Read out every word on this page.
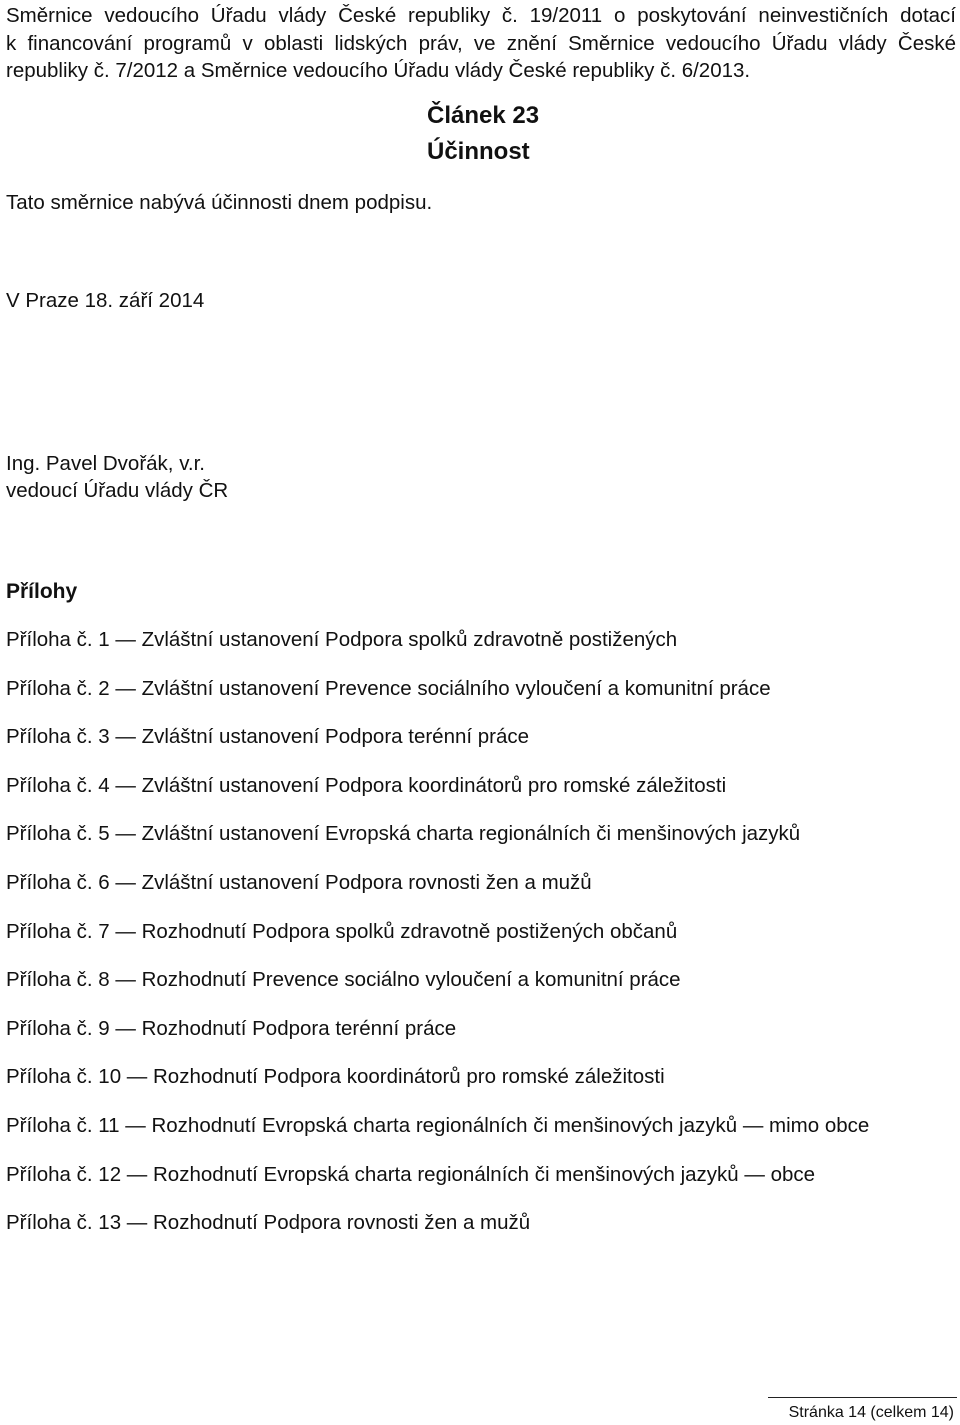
Směrnice vedoucího Úřadu vlády České republiky č. 19/2011 o poskytování neinvestičních dotací
k financování programů v oblasti lidských práv, ve znění Směrnice vedoucího Úřadu vlády České
republiky č. 7/2012 a Směrnice vedoucího Úřadu vlády České republiky č. 6/2013.

Článek 23
Účinnost

Tato směrnice nabývá účinnosti dnem podpisu.

V Praze 18. září 2014

Ing. Pavel Dvořák, v.r.
vedoucí Úřadu vlády ČR

Přílohy
Příloha č. 1 — Zvláštní ustanovení Podpora spolků zdravotně postižených
Příloha č. 2 — Zvláštní ustanovení Prevence sociálního vyloučení a komunitní práce
Příloha č. 3 — Zvláštní ustanovení Podpora terénní práce
Příloha č. 4 — Zvláštní ustanovení Podpora koordinátorů pro romské záležitosti
Příloha č. 5 — Zvláštní ustanovení Evropská charta regionálních či menšinových jazyků
Příloha č. 6 — Zvláštní ustanovení Podpora rovnosti žen a mužů
Příloha č. 7 — Rozhodnutí Podpora spolků zdravotně postižených občanů
Příloha č. 8 — Rozhodnutí Prevence sociálno vyloučení a komunitní práce
Příloha č. 9 — Rozhodnutí Podpora terénní práce
Příloha č. 10 — Rozhodnutí Podpora koordinátorů pro romské záležitosti
Příloha č. 11 — Rozhodnutí Evropská charta regionálních či menšinových jazyků — mimo obce
Příloha č. 12 — Rozhodnutí Evropská charta regionálních či menšinových jazyků — obce
Příloha č. 13 — Rozhodnutí Podpora rovnosti žen a mužů

Stránka 14 (celkem 14)
